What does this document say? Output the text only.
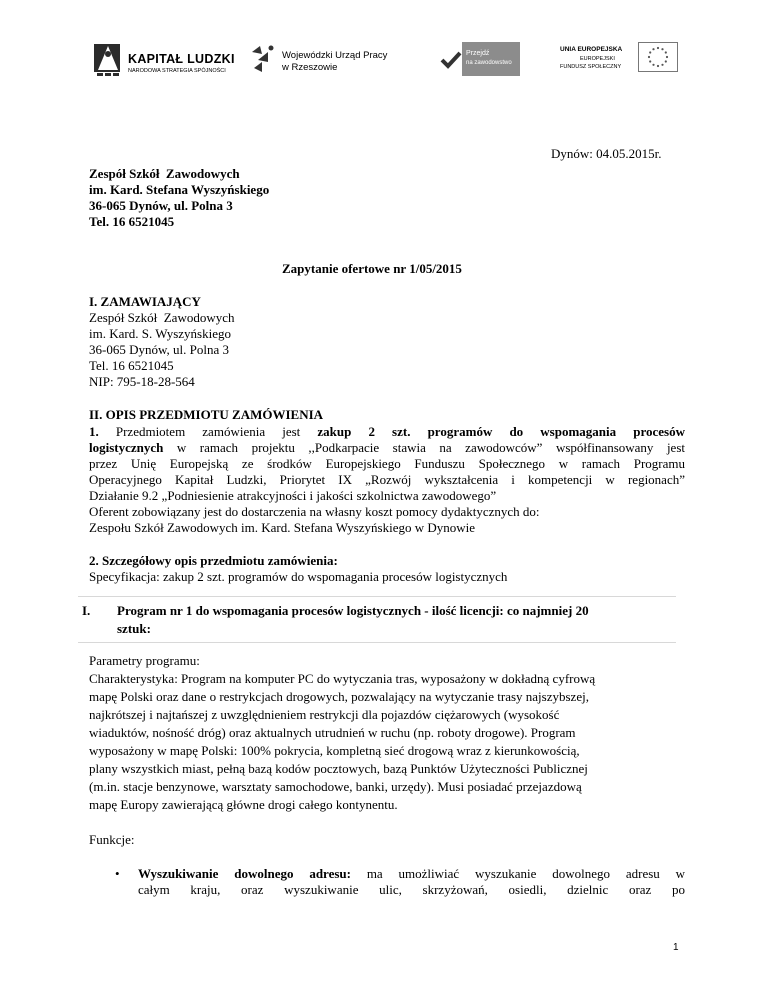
KAPITAŁ LUDZKI
NARODOWA STRATEGIA SPÓJNOŚCI
Wojewódzki Urząd Pracy
w Rzeszowie
Przejdź
na zawodowstwo
UNIA EUROPEJSKA
EUROPEJSKI
FUNDUSZ SPOŁECZNY
Dynów: 04.05.2015r.
Zespół Szkół  Zawodowych
im. Kard. Stefana Wyszyńskiego
36-065 Dynów, ul. Polna 3
Tel. 16 6521045
Zapytanie ofertowe nr 1/05/2015
I. ZAMAWIAJĄCY
Zespół Szkół  Zawodowych
im. Kard. S. Wyszyńskiego
36-065 Dynów, ul. Polna 3
Tel. 16 6521045
NIP: 795-18-28-564
II. OPIS PRZEDMIOTU ZAMÓWIENIA
1. Przedmiotem zamówienia jest zakup 2 szt. programów do wspomagania procesów
logistycznych w ramach projektu ,,Podkarpacie stawia na zawodowców” współfinansowany jest
przez Unię Europejską ze środków Europejskiego Funduszu Społecznego w ramach Programu
Operacyjnego Kapitał Ludzki, Priorytet IX „Rozwój wykształcenia i kompetencji w regionach”
Działanie 9.2 „Podniesienie atrakcyjności i jakości szkolnictwa zawodowego”
Oferent zobowiązany jest do dostarczenia na własny koszt pomocy dydaktycznych do:
Zespołu Szkół Zawodowych im. Kard. Stefana Wyszyńskiego w Dynowie
2. Szczegółowy opis przedmiotu zamówienia:
Specyfikacja: zakup 2 szt. programów do wspomagania procesów logistycznych
I. Program nr 1 do wspomagania procesów logistycznych - ilość licencji: co najmniej 20
sztuk:
Parametry programu:
Charakterystyka: Program na komputer PC do wytyczania tras, wyposażony w dokładną cyfrową
mapę Polski oraz dane o restrykcjach drogowych, pozwalający na wytyczanie trasy najszybszej,
najkrótszej i najtańszej z uwzględnieniem restrykcji dla pojazdów ciężarowych (wysokość
wiaduktów, nośność dróg) oraz aktualnych utrudnień w ruchu (np. roboty drogowe). Program
wyposażony w mapę Polski: 100% pokrycia, kompletną sieć drogową wraz z kierunkowością,
plany wszystkich miast, pełną bazą kodów pocztowych, bazą Punktów Użyteczności Publicznej
(m.in. stacje benzynowe, warsztaty samochodowe, banki, urzędy). Musi posiadać przejazdową
mapę Europy zawierającą główne drogi całego kontynentu.
Funkcje:
• Wyszukiwanie dowolnego adresu: ma umożliwiać wyszukanie dowolnego adresu w
całym kraju, oraz wyszukiwanie ulic, skrzyżowań, osiedli, dzielnic oraz po
1
